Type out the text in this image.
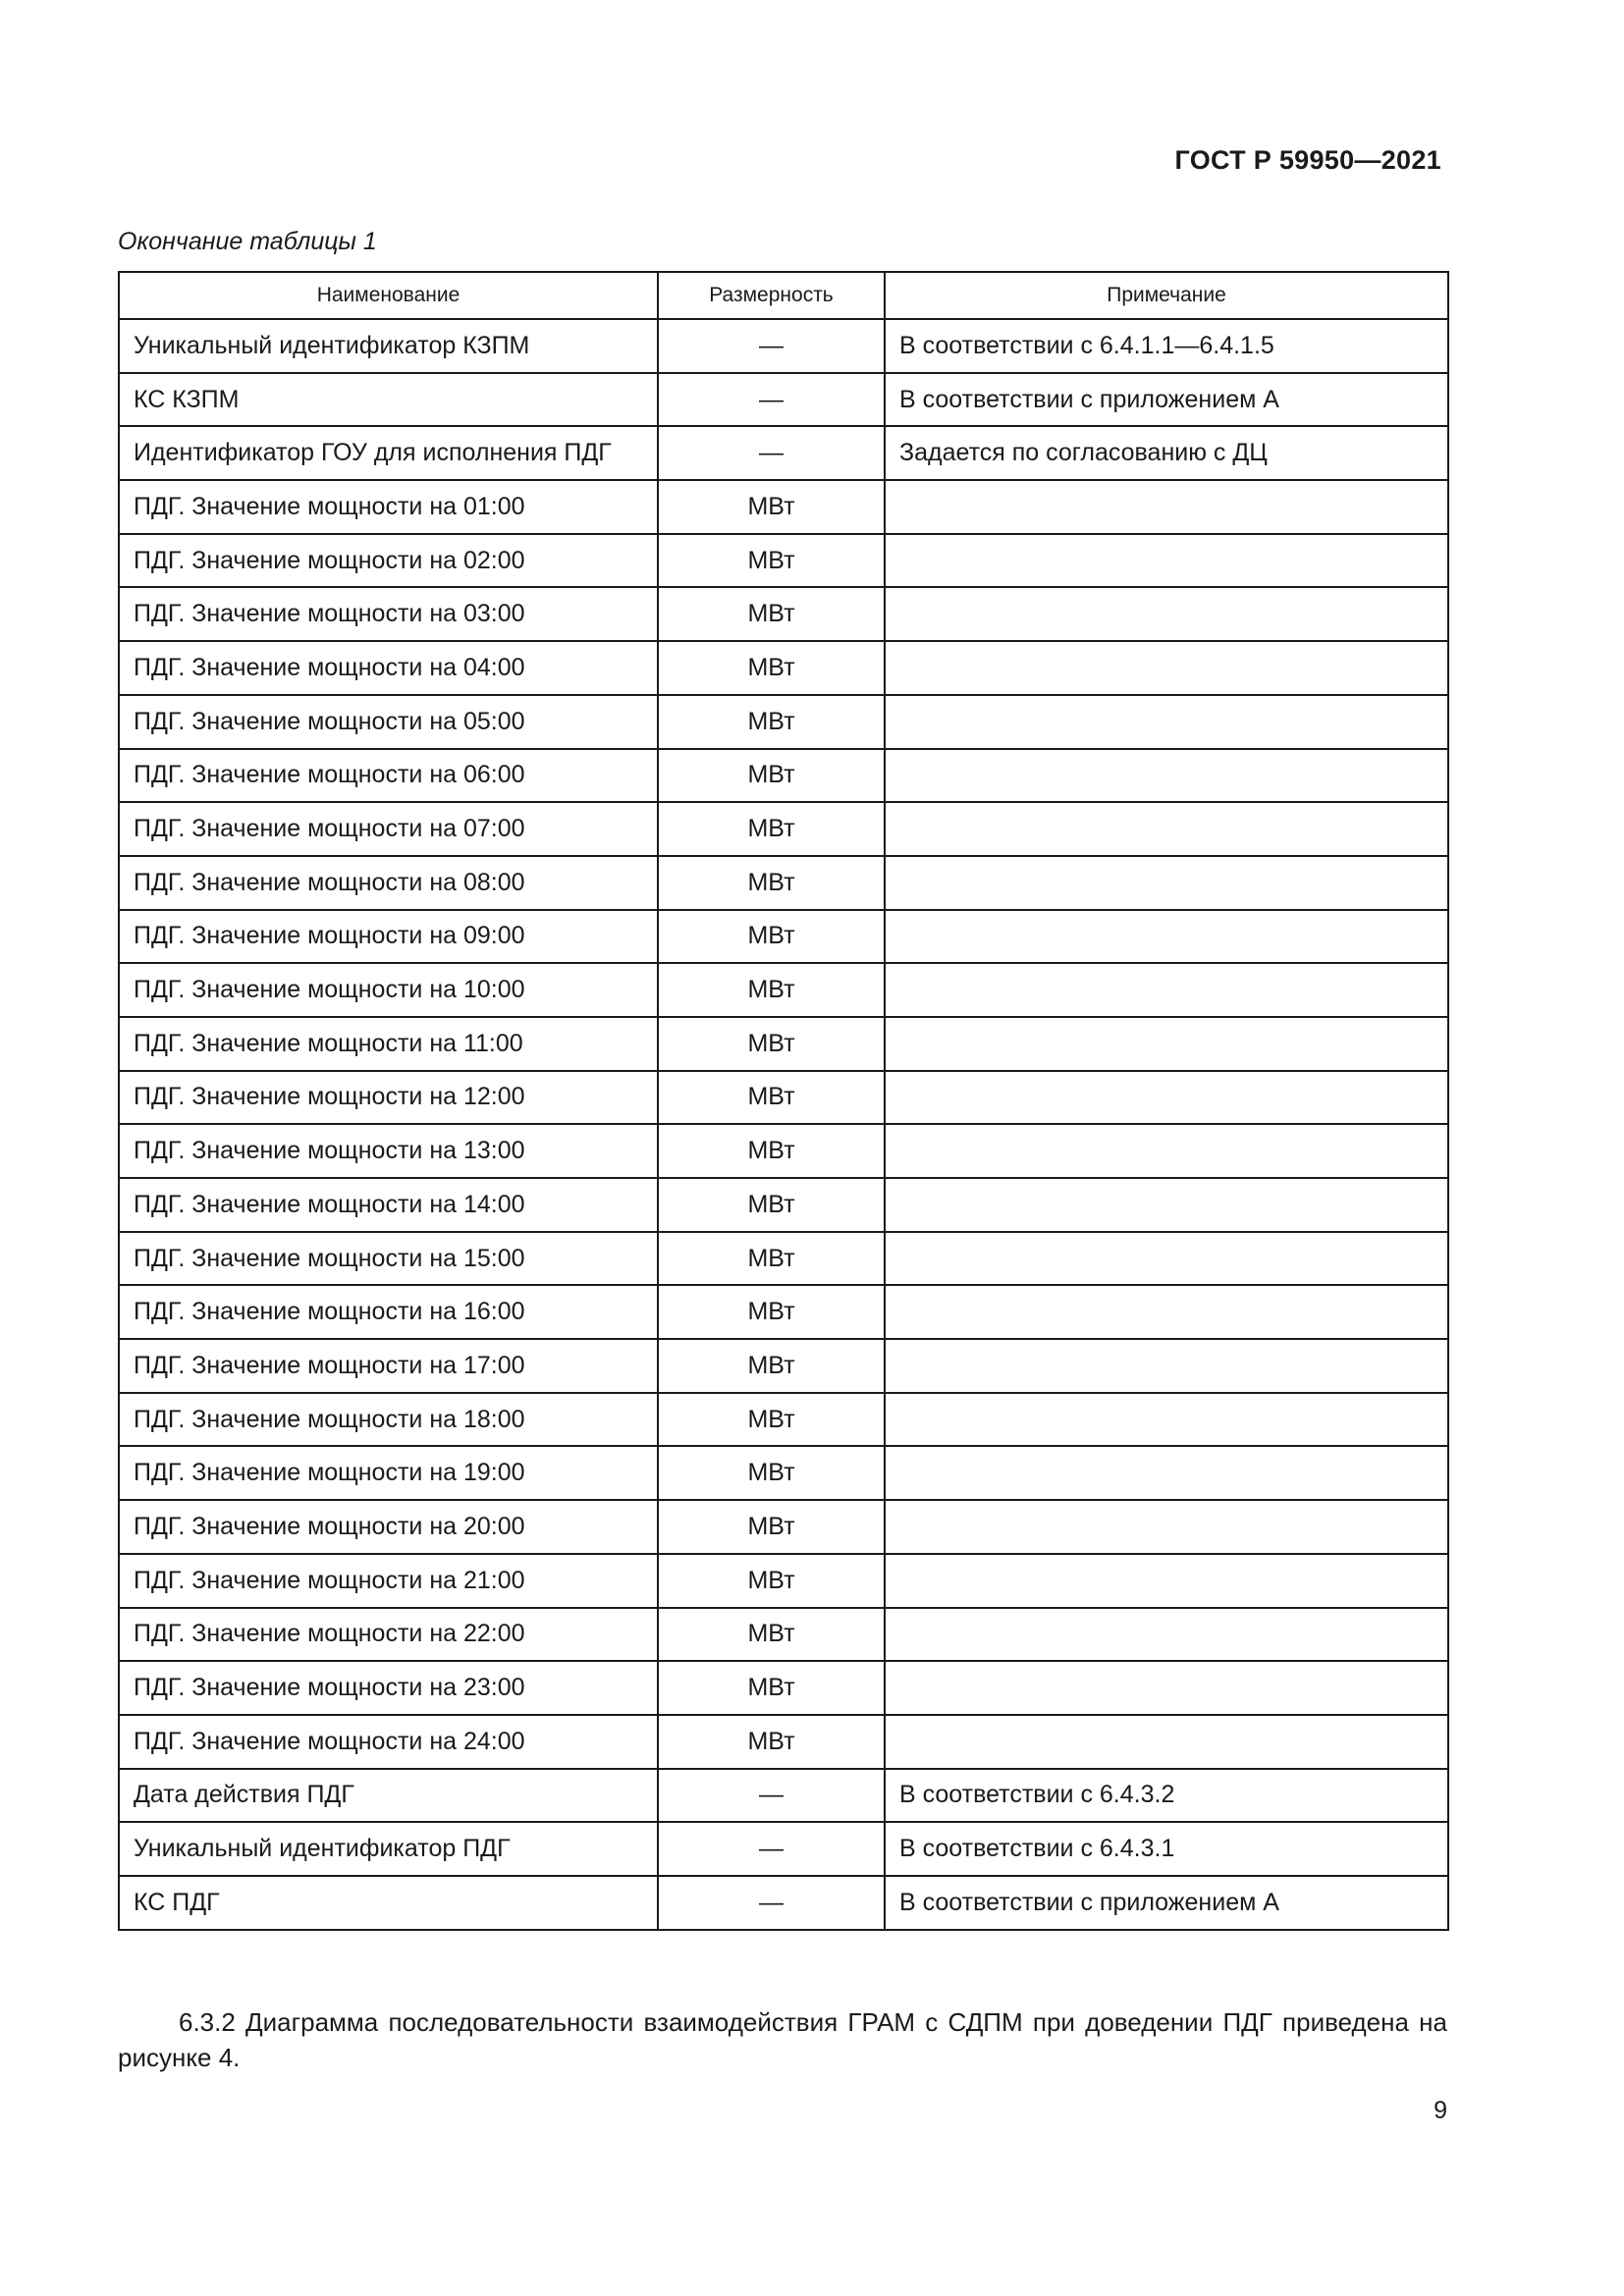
ГОСТ Р 59950—2021
Окончание таблицы 1
Наименование	Размерность	Примечание
Уникальный идентификатор КЗПМ	—	В соответствии с 6.4.1.1—6.4.1.5
КС КЗПМ	—	В соответствии с приложением А
Идентификатор ГОУ для исполнения ПДГ	—	Задается по согласованию с ДЦ
ПДГ. Значение мощности на 01:00	МВт	
ПДГ. Значение мощности на 02:00	МВт	
ПДГ. Значение мощности на 03:00	МВт	
ПДГ. Значение мощности на 04:00	МВт	
ПДГ. Значение мощности на 05:00	МВт	
ПДГ. Значение мощности на 06:00	МВт	
ПДГ. Значение мощности на 07:00	МВт	
ПДГ. Значение мощности на 08:00	МВт	
ПДГ. Значение мощности на 09:00	МВт	
ПДГ. Значение мощности на 10:00	МВт	
ПДГ. Значение мощности на 11:00	МВт	
ПДГ. Значение мощности на 12:00	МВт	
ПДГ. Значение мощности на 13:00	МВт	
ПДГ. Значение мощности на 14:00	МВт	
ПДГ. Значение мощности на 15:00	МВт	
ПДГ. Значение мощности на 16:00	МВт	
ПДГ. Значение мощности на 17:00	МВт	
ПДГ. Значение мощности на 18:00	МВт	
ПДГ. Значение мощности на 19:00	МВт	
ПДГ. Значение мощности на 20:00	МВт	
ПДГ. Значение мощности на 21:00	МВт	
ПДГ. Значение мощности на 22:00	МВт	
ПДГ. Значение мощности на 23:00	МВт	
ПДГ. Значение мощности на 24:00	МВт	
Дата действия ПДГ	—	В соответствии с 6.4.3.2
Уникальный идентификатор ПДГ	—	В соответствии с 6.4.3.1
КС ПДГ	—	В соответствии с приложением А
6.3.2 Диаграмма последовательности взаимодействия ГРАМ с СДПМ при доведении ПДГ приведена на рисунке 4.
9
